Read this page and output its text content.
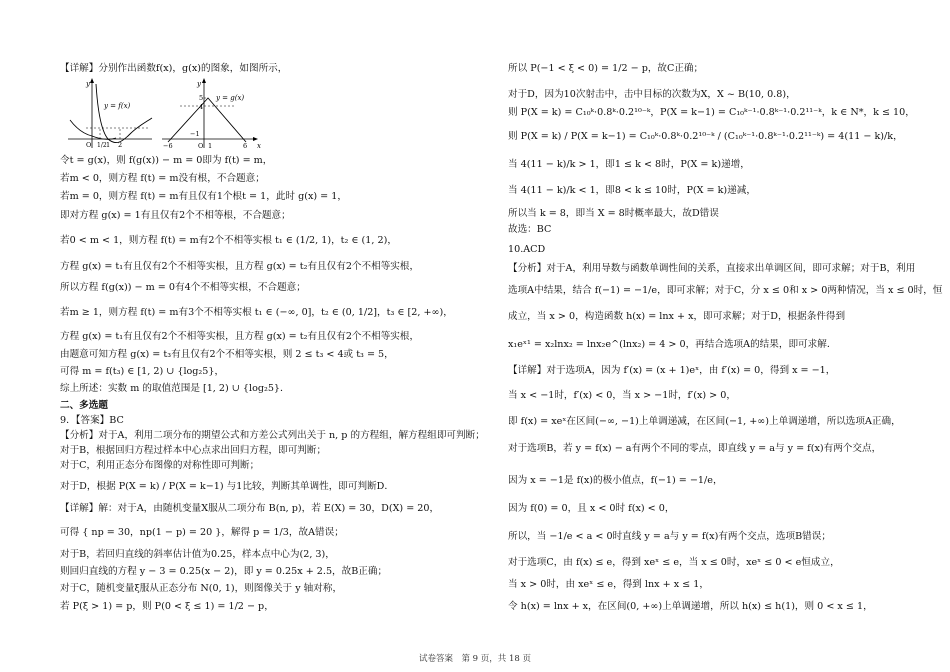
【详解】分别作出函数f(x)，g(x)的图象，如图所示，
y
y = f(x)
O 1/2 1 2
y
x
y = g(x)
−6	O 1	6
5
4
−1
令t = g(x)，则 f(g(x)) − m = 0即为 f(t) = m，
若m < 0，则方程 f(t) = m没有根，不合题意；
若m = 0，则方程 f(t) = m有且仅有1个根t = 1，此时 g(x) = 1，
即对方程 g(x) = 1有且仅有2个不相等根，不合题意；
若0 < m < 1，则方程 f(t) = m有2个不相等实根 t₁ ∈ (1/2, 1)，t₂ ∈ (1, 2)，
方程 g(x) = t₁有且仅有2个不相等实根，且方程 g(x) = t₂有且仅有2个不相等实根，
所以方程 f(g(x)) − m = 0有4个不相等实根，不合题意；
若m ≥ 1，则方程 f(t) = m有3个不相等实根 t₁ ∈ (−∞, 0]，t₂ ∈ (0, 1/2]，t₃ ∈ [2, +∞)，
方程 g(x) = t₁有且仅有2个不相等实根，且方程 g(x) = t₂有且仅有2个不相等实根，
由题意可知方程 g(x) = t₃有且仅有2个不相等实根，则 2 ≤ t₃ < 4或 t₃ = 5，
可得 m = f(t₃) ∈ [1, 2) ∪ {log₂5}，
综上所述：实数 m 的取值范围是 [1, 2) ∪ {log₂5}．
二、多选题
9．【答案】BC
【分析】对于A，利用二项分布的期望公式和方差公式列出关于 n, p 的方程组，解方程组即可判断；
对于B，根据回归方程过样本中心点求出回归方程，即可判断；
对于C，利用正态分布图像的对称性即可判断；
对于D，根据 P(X = k) / P(X = k−1) 与1比较，判断其单调性，即可判断D．
【详解】解：对于A，由随机变量X服从二项分布 B(n, p)，若 E(X) = 30，D(X) = 20，
可得 { np = 30，np(1 − p) = 20 }，解得 p = 1/3，故A错误；
对于B，若回归直线的斜率估计值为0.25，样本点中心为(2, 3)，
则回归直线的方程 y − 3 = 0.25(x − 2)，即 y = 0.25x + 2.5，故B正确；
对于C，随机变量ξ服从正态分布 N(0, 1)，则图像关于 y 轴对称，
若 P(ξ > 1) = p，则 P(0 < ξ ≤ 1) = 1/2 − p，
所以 P(−1 < ξ < 0) = 1/2 − p，故C正确；
对于D，因为10次射击中，击中目标的次数为X，X ~ B(10, 0.8)，
则 P(X = k) = C₁₀ᵏ·0.8ᵏ·0.2¹⁰⁻ᵏ，P(X = k−1) = C₁₀ᵏ⁻¹·0.8ᵏ⁻¹·0.2¹¹⁻ᵏ，k ∈ N*，k ≤ 10，
则 P(X = k) / P(X = k−1) = C₁₀ᵏ·0.8ᵏ·0.2¹⁰⁻ᵏ / (C₁₀ᵏ⁻¹·0.8ᵏ⁻¹·0.2¹¹⁻ᵏ) = 4(11 − k)/k，
当 4(11 − k)/k > 1，即1 ≤ k < 8时，P(X = k)递增，
当 4(11 − k)/k < 1，即8 < k ≤ 10时，P(X = k)递减，
所以当 k = 8，即当 X = 8时概率最大，故D错误
故选：BC
10.ACD
【分析】对于A，利用导数与函数单调性间的关系，直接求出单调区间，即可求解；对于B，利用
选项A中结果，结合 f(−1) = −1/e，即可求解；对于C，分 x ≤ 0和 x > 0两种情况，当 x ≤ 0时，恒
成立，当 x > 0，构造函数 h(x) = lnx + x，即可求解；对于D，根据条件得到
x₁eˣ¹ = x₂lnx₂ = lnx₂e^(lnx₂) = 4 > 0，再结合选项A的结果，即可求解．
【详解】对于选项A，因为 f′(x) = (x + 1)eˣ，由 f′(x) = 0，得到 x = −1，
当 x < −1时，f′(x) < 0，当 x > −1时，f′(x) > 0，
即 f(x) = xeˣ在区间(−∞, −1)上单调递减，在区间(−1, +∞)上单调递增，所以选项A正确，
对于选项B，若 y = f(x) − a有两个不同的零点，即直线 y = a与 y = f(x)有两个交点，
因为 x = −1是 f(x)的极小值点，f(−1) = −1/e，
因为 f(0) = 0，且 x < 0时 f(x) < 0，
所以，当 −1/e < a < 0时直线 y = a与 y = f(x)有两个交点，选项B错误；
对于选项C，由 f(x) ≤ e，得到 xeˣ ≤ e，当 x ≤ 0时，xeˣ ≤ 0 < e恒成立，
当 x > 0时，由 xeˣ ≤ e，得到 lnx + x ≤ 1，
令 h(x) = lnx + x，在区间(0, +∞)上单调递增，所以 h(x) ≤ h(1)，则 0 < x ≤ 1，
试卷答案　第 9 页，共 18 页
